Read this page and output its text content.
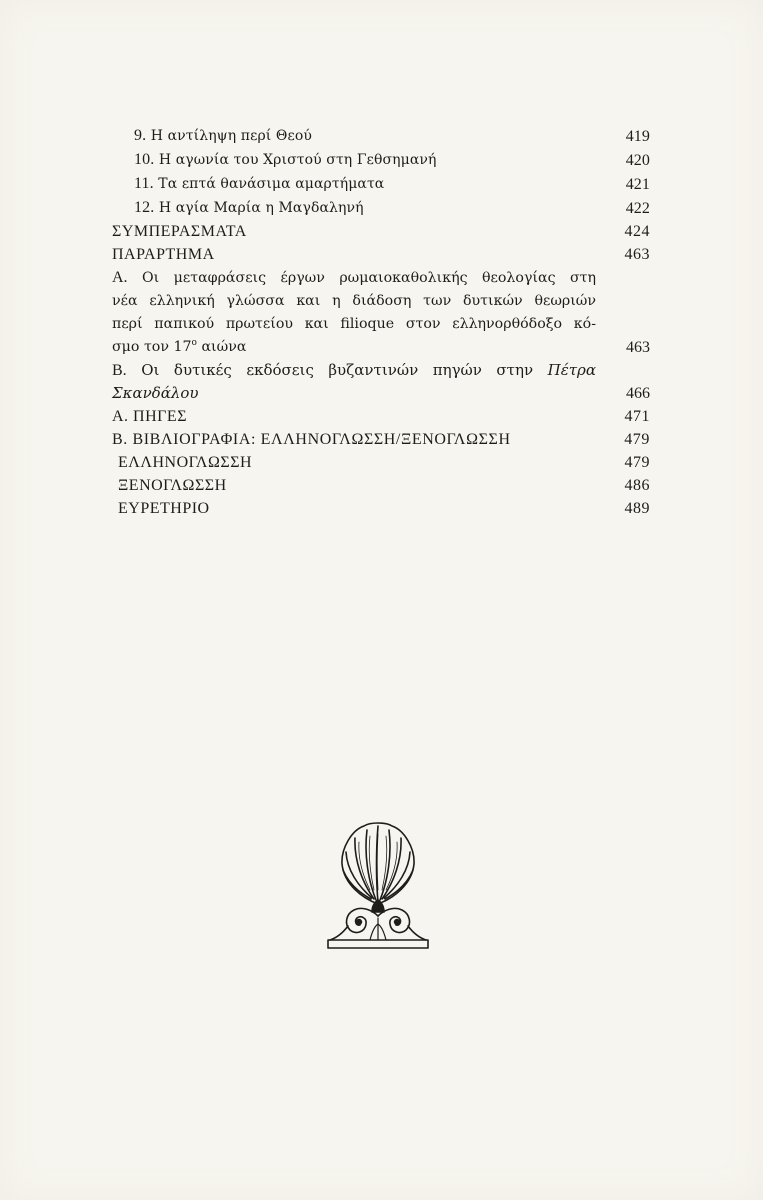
9. Η αντίληψη περί Θεού	419
10. Η αγωνία του Χριστού στη Γεθσημανή	420
11. Τα επτά θανάσιμα αμαρτήματα	421
12. Η αγία Μαρία η Μαγδαληνή	422
ΣΥΜΠΕΡΑΣΜΑΤΑ	424
ΠΑΡΑΡΤΗΜΑ	463
Α. Οι μεταφράσεις έργων ρωμαιοκαθολικής θεολογίας στη
νέα ελληνική γλώσσα και η διάδοση των δυτικών θεωριών
περί παπικού πρωτείου και filioque στον ελληνορθόδοξο κό-
σμο τον $17^o$ αιώνα	463
Β. Οι δυτικές εκδόσεις βυζαντινών πηγών στην Πέτρα
Σκανδάλου	466
Α. ΠΗΓΕΣ	471
Β. ΒΙΒΛΙΟΓΡΑΦΙΑ: ΕΛΛΗΝΟΓΛΩΣΣΗ/ΞΕΝΟΓΛΩΣΣΗ	479
ΕΛΛΗΝΟΓΛΩΣΣΗ	479
ΞΕΝΟΓΛΩΣΣΗ	486
ΕΥΡΕΤΗΡΙΟ	489
